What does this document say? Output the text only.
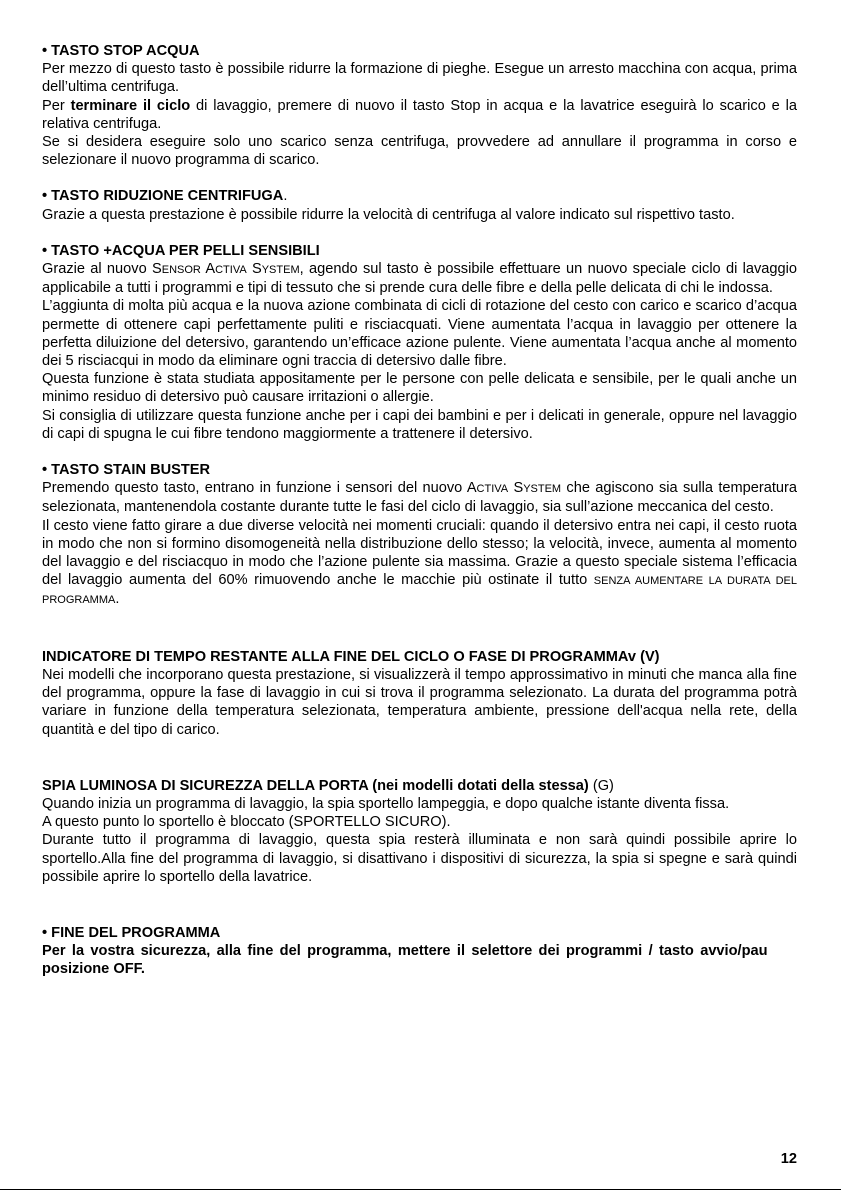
• TASTO STOP ACQUA

Per mezzo di questo tasto è possibile ridurre la formazione di pieghe. Esegue un arresto macchina con acqua, prima dell’ultima centrifuga.

Per terminare il ciclo di lavaggio, premere di nuovo il tasto Stop in acqua e la lavatrice eseguirà lo scarico e la relativa centrifuga.

Se si desidera eseguire solo uno scarico senza centrifuga, provvedere ad annullare il programma in corso e selezionare il nuovo programma di scarico.

• TASTO RIDUZIONE CENTRIFUGA.

Grazie a questa prestazione è possibile ridurre la velocità di centrifuga al valore indicato sul rispettivo tasto.

• TASTO +ACQUA PER PELLI SENSIBILI

Grazie al nuovo SENSOR ACTIVA SYSTEM, agendo sul tasto è possibile effettuare un nuovo speciale ciclo di lavaggio applicabile a tutti i programmi e tipi di tessuto che si prende cura delle fibre e della pelle delicata di chi le indossa.

L’aggiunta di molta più acqua e la nuova azione combinata di cicli di rotazione del cesto con carico e scarico d’acqua permette di ottenere capi perfettamente puliti e risciacquati. Viene aumentata l’acqua in lavaggio per ottenere la perfetta diluizione del detersivo, garantendo un’efficace azione pulente. Viene aumentata l’acqua anche al momento dei 5 risciacqui in modo da eliminare ogni traccia di detersivo dalle fibre.

Questa funzione è stata studiata appositamente per le persone con pelle delicata e sensibile, per le quali anche un minimo residuo di detersivo può causare irritazioni o allergie.

Si consiglia di utilizzare questa funzione anche per i capi dei bambini e per i delicati in generale, oppure nel lavaggio di capi di spugna le cui fibre tendono maggiormente a trattenere il detersivo.

• TASTO STAIN BUSTER

Premendo questo tasto, entrano in funzione i sensori del nuovo ACTIVA SYSTEM che agiscono sia sulla temperatura selezionata, mantenendola costante durante tutte le fasi del ciclo di lavaggio, sia sull’azione meccanica del cesto.

Il cesto viene fatto girare a due diverse velocità nei momenti cruciali: quando il detersivo entra nei capi, il cesto ruota in modo che non si formino disomogeneità nella distribuzione dello stesso; la velocità, invece, aumenta al momento del lavaggio e del risciacquo in modo che l’azione pulente sia massima. Grazie a questo speciale sistema l’efficacia del lavaggio aumenta del 60% rimuovendo anche le macchie più ostinate il tutto SENZA AUMENTARE LA DURATA DEL PROGRAMMA.

INDICATORE DI TEMPO RESTANTE ALLA FINE DEL CICLO O FASE DI PROGRAMMAv (V)

Nei modelli che incorporano questa prestazione, si visualizzerà il tempo approssimativo in minuti che manca alla fine del programma, oppure la fase di lavaggio in cui si trova il programma selezionato. La durata del programma potrà variare in funzione della temperatura selezionata, temperatura ambiente, pressione dell'acqua nella rete, della quantità e del tipo di carico.

SPIA LUMINOSA DI SICUREZZA DELLA PORTA (nei modelli dotati della stessa) (G)

Quando inizia un programma di lavaggio, la spia sportello lampeggia, e dopo qualche istante diventa fissa.

A questo punto lo sportello è bloccato (SPORTELLO SICURO).

Durante tutto il programma di lavaggio, questa spia resterà illuminata e non sarà quindi possibile aprire lo sportello.Alla fine del programma di lavaggio, si disattivano i dispositivi di sicurezza, la spia si spegne e sarà quindi possibile aprire lo sportello della lavatrice.

• FINE DEL PROGRAMMA

Per la vostra sicurezza, alla fine del programma, mettere il selettore dei programmi / tasto avvio/pau

posizione OFF.

12
